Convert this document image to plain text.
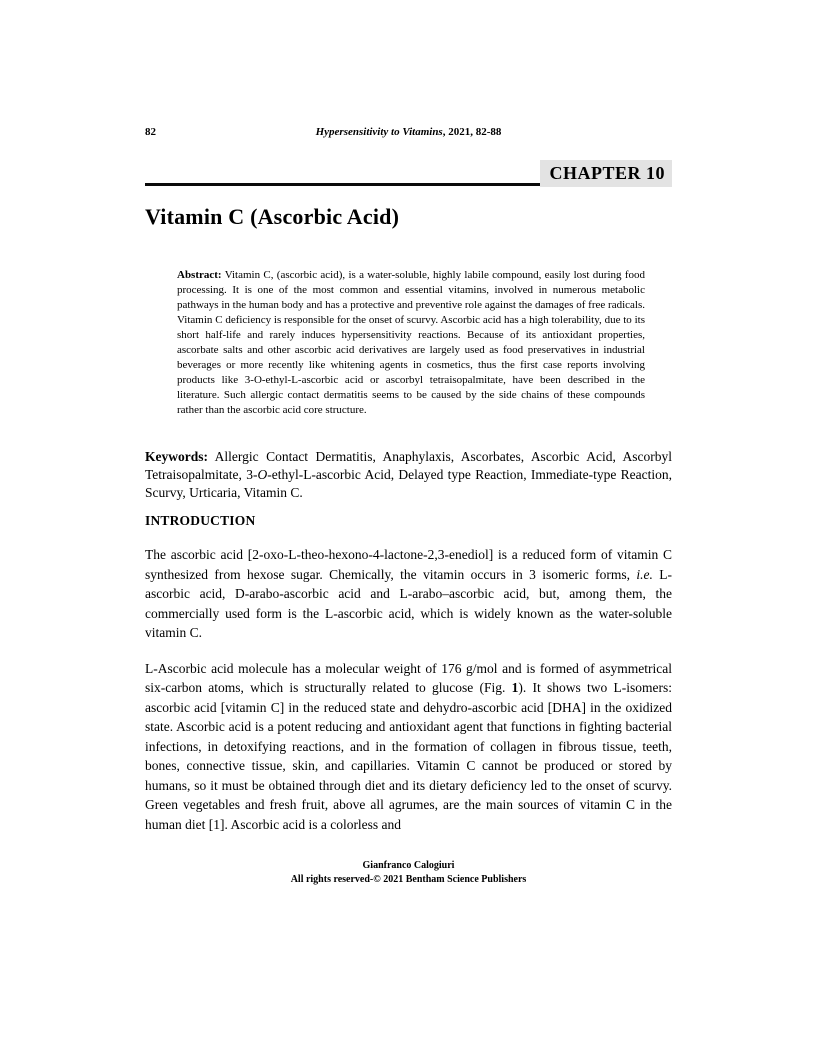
82	Hypersensitivity to Vitamins, 2021, 82-88
CHAPTER 10
Vitamin C (Ascorbic Acid)

Abstract: Vitamin C, (ascorbic acid), is a water-soluble, highly labile compound, easily lost during food processing. It is one of the most common and essential vitamins, involved in numerous metabolic pathways in the human body and has a protective and preventive role against the damages of free radicals. Vitamin C deficiency is responsible for the onset of scurvy. Ascorbic acid has a high tolerability, due to its short half-life and rarely induces hypersensitivity reactions. Because of its antioxidant properties, ascorbate salts and other ascorbic acid derivatives are largely used as food preservatives in industrial beverages or more recently like whitening agents in cosmetics, thus the first case reports involving products like 3-O-ethyl-L-ascorbic acid or ascorbyl tetraisopalmitate, have been described in the literature. Such allergic contact dermatitis seems to be caused by the side chains of these compounds rather than the ascorbic acid core structure.

Keywords: Allergic Contact Dermatitis, Anaphylaxis, Ascorbates, Ascorbic Acid, Ascorbyl Tetraisopalmitate, 3-O-ethyl-L-ascorbic Acid, Delayed type Reaction, Immediate-type Reaction, Scurvy, Urticaria, Vitamin C.

INTRODUCTION

The ascorbic acid [2-oxo-L-theo-hexono-4-lactone-2,3-enediol] is a reduced form of vitamin C synthesized from hexose sugar. Chemically, the vitamin occurs in 3 isomeric forms, i.e. L-ascorbic acid, D-arabo-ascorbic acid and L-arabo–ascorbic acid, but, among them, the commercially used form is the L-ascorbic acid, which is widely known as the water-soluble vitamin C.

L-Ascorbic acid molecule has a molecular weight of 176 g/mol and is formed of asymmetrical six-carbon atoms, which is structurally related to glucose (Fig. 1). It shows two L-isomers: ascorbic acid [vitamin C] in the reduced state and dehydro-ascorbic acid [DHA] in the oxidized state. Ascorbic acid is a potent reducing and antioxidant agent that functions in fighting bacterial infections, in detoxifying reactions, and in the formation of collagen in fibrous tissue, teeth, bones, connective tissue, skin, and capillaries. Vitamin C cannot be produced or stored by humans, so it must be obtained through diet and its dietary deficiency led to the onset of scurvy. Green vegetables and fresh fruit, above all agrumes, are the main sources of vitamin C in the human diet [1]. Ascorbic acid is a colorless and

Gianfranco Calogiuri
All rights reserved-© 2021 Bentham Science Publishers
